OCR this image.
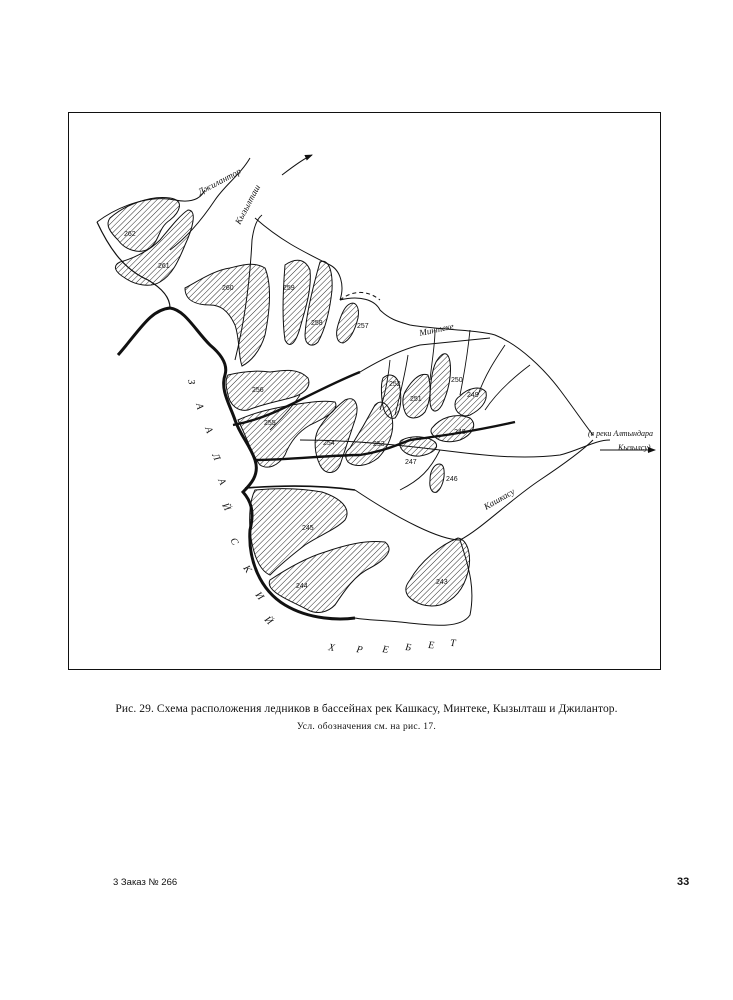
262
261
260	259
258	257
256
255
254	253
252
251
250
249
248
247
246
245
244
243
Джилантор
Кызылташ
Минтеке
Кашкасу
(в реки Алтындара
Кызылсу)
З
А
А
Л
А
Й
С
К
И
Й
Х Р Е Б Е Т
Рис. 29. Схема расположения ледников в бассейнах рек Кашкасу, Минтеке, Кызылташ и Джилантор.
Усл. обозначения см. на рис. 17.
3 Заказ № 266	33
